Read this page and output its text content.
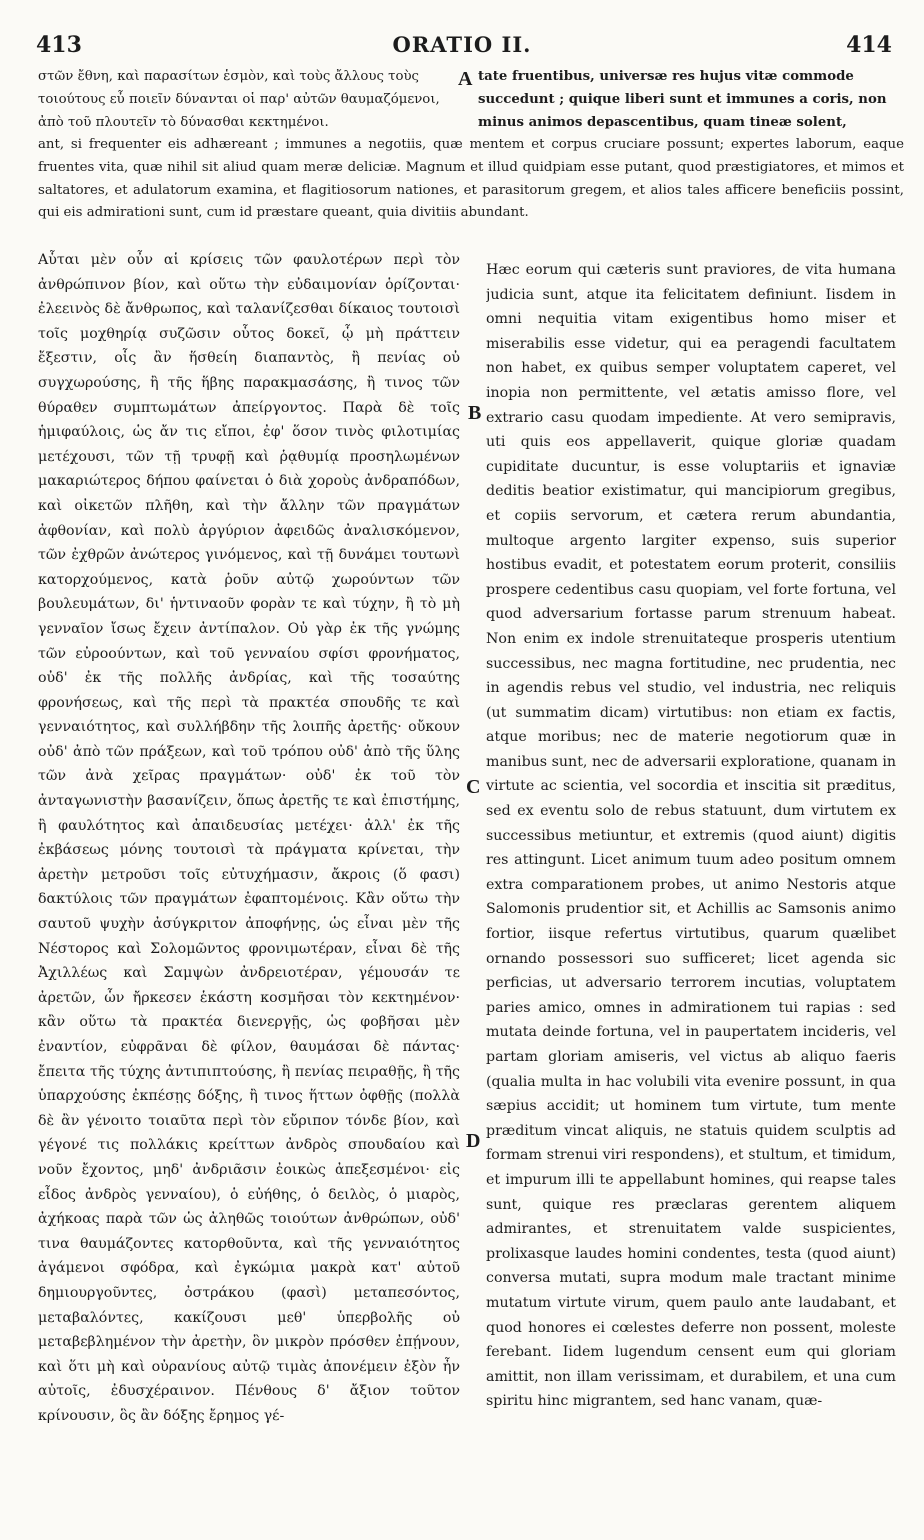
413	ORATIO II.	414

στῶν ἔθνη, καὶ παρασίτων ἑσμὸν, καὶ τοὺς ἄλλους τοὺς τοιούτους εὖ ποιεῖν δύνανται οἱ παρ' αὐτῶν θαυμαζόμενοι, ἀπὸ τοῦ πλουτεῖν τὸ δύνασθαι κεκτημένοι.

tate fruentibus, universæ res hujus vitæ commode succedunt ; quique liberi sunt et immunes a coris, non minus animos depascentibus, quam tineæ solent,

ant, si frequenter eis adhæreant ; immunes a negotiis, quæ mentem et corpus cruciare possunt; expertes laborum, eaque fruentes vita, quæ nihil sit aliud quam meræ deliciæ. Magnum et illud quidpiam esse putant, quod præstigiatores, et mimos et saltatores, et adulatorum examina, et flagitiosorum nationes, et parasitorum gregem, et alios tales afficere beneficiis possint, qui eis admirationi sunt, cum id præstare queant, quia divitiis abundant.

Αὗται μὲν οὖν αἱ κρίσεις τῶν φαυλοτέρων περὶ τὸν ἀνθρώπινον βίον, καὶ οὕτω τὴν εὐδαιμονίαν ὁρίζονται· ἐλεεινὸς δὲ ἄνθρωπος, καὶ ταλανίζεσθαι δίκαιος τουτοισὶ τοῖς μοχθηρίᾳ συζῶσιν οὗτος δοκεῖ, ᾧ μὴ πράττειν ἔξεστιν, οἷς ἂν ἥσθείη διαπαντὸς, ἢ πενίας οὐ συγχωρούσης, ἢ τῆς ἥβης παρακμασάσης, ἢ τινος τῶν θύραθεν συμπτωμάτων ἀπείργοντος. Παρὰ δὲ τοῖς ἡμιφαύλοις, ὡς ἄν τις εἴποι, ἐφ' ὅσον τινὸς φιλοτιμίας μετέχουσι, τῶν τῇ τρυφῇ καὶ ῥᾳθυμίᾳ προσηλωμένων μακαριώτερος δήπου φαίνεται ὁ διὰ χοροὺς ἀνδραπόδων, καὶ οἰκετῶν πλῆθη, καὶ τὴν ἄλλην τῶν πραγμάτων ἀφθονίαν, καὶ πολὺ ἀργύριον ἀφειδῶς ἀναλισκόμενον, τῶν ἐχθρῶν ἀνώτερος γινόμενος, καὶ τῇ δυνάμει τουτωνὶ κατορχούμενος, κατὰ ῥοῦν αὐτῷ χωρούντων τῶν βουλευμάτων, δι' ἡντιναοῦν φορὰν τε καὶ τύχην, ἢ τὸ μὴ γενναῖον ἴσως ἔχειν ἀντίπαλον. Οὐ γὰρ ἐκ τῆς γνώμης τῶν εὐροούντων, καὶ τοῦ γενναίου σφίσι φρονήματος, οὐδ' ἐκ τῆς πολλῆς ἀνδρίας, καὶ τῆς τοσαύτης φρονήσεως, καὶ τῆς περὶ τὰ πρακτέα σπουδῆς τε καὶ γενναιότητος, καὶ συλλήβδην τῆς λοιπῆς ἀρετῆς· οὔκουν οὐδ' ἀπὸ τῶν πράξεων, καὶ τοῦ τρόπου οὐδ' ἀπὸ τῆς ὕλης τῶν ἀνὰ χεῖρας πραγμάτων· οὐδ' ἐκ τοῦ τὸν ἀνταγωνιστὴν βασανίζειν, ὅπως ἀρετῆς τε καὶ ἐπιστήμης, ἢ φαυλότητος καὶ ἀπαιδευσίας μετέχει· ἀλλ' ἐκ τῆς ἐκβάσεως μόνης τουτοισὶ τὰ πράγματα κρίνεται, τὴν ἀρετὴν μετροῦσι τοῖς εὐτυχήμασιν, ἄκροις (ὅ φασι) δακτύλοις τῶν πραγμάτων ἐφαπτομένοις. Κἂν οὕτω τὴν σαυτοῦ ψυχὴν ἀσύγκριτον ἀποφήνῃς, ὡς εἶναι μὲν τῆς Νέστορος καὶ Σολομῶντος φρονιμωτέραν, εἶναι δὲ τῆς Ἀχιλλέως καὶ Σαμψὼν ἀνδρειοτέραν, γέμουσάν τε ἀρετῶν, ὧν ἤρκεσεν ἑκάστη κοσμῆσαι τὸν κεκτημένον· κἂν οὕτω τὰ πρακτέα διενεργῇς, ὡς φοβῆσαι μὲν ἐναντίον, εὐφρᾶναι δὲ φίλον, θαυμάσαι δὲ πάντας· ἔπειτα τῆς τύχης ἀντιπιπτούσης, ἢ πενίας πειραθῇς, ἢ τῆς ὑπαρχούσης ἐκπέσῃς δόξης, ἢ τινος ἥττων ὀφθῇς (πολλὰ δὲ ἂν γένοιτο τοιαῦτα περὶ τὸν εὔριπον τόνδε βίον, καὶ γέγονέ τις πολλάκις κρείττων ἀνδρὸς σπουδαίου καὶ νοῦν ἔχοντος, μηδ' ἀνδριᾶσιν ἐοικὼς ἀπεξεσμένοι· εἰς εἶδος ἀνδρὸς γενναίου), ὁ εὐήθης, ὁ δειλὸς, ὁ μιαρὸς, ἀχήκοας παρὰ τῶν ὡς ἀληθῶς τοιούτων ἀνθρώπων, οὐδ' τινα θαυμάζοντες κατορθοῦντα, καὶ τῆς γενναιότητος ἀγάμενοι σφόδρα, καὶ ἐγκώμια μακρὰ κατ' αὐτοῦ δημιουργοῦντες, ὀστράκου (φασὶ) μεταπεσόντος, μεταβαλόντες, κακίζουσι μεθ' ὑπερβολῆς οὐ μεταβεβλημένον τὴν ἀρετὴν, ὃν μικρὸν πρόσθεν ἐπῄνουν, καὶ ὅτι μὴ καὶ οὐρανίους αὐτῷ τιμὰς ἀπονέμειν ἐξὸν ἦν αὐτοῖς, ἐδυσχέραινον. Πένθους δ' ἄξιον τοῦτον κρίνουσιν, ὃς ἂν δόξης ἔρημος γέ-

Hæc eorum qui cæteris sunt praviores, de vita humana judicia sunt, atque ita felicitatem definiunt. Iisdem in omni nequitia vitam exigentibus homo miser et miserabilis esse videtur, qui ea peragendi facultatem non habet, ex quibus semper voluptatem caperet, vel inopia non permittente, vel ætatis amisso flore, vel extrario casu quodam impediente. At vero semipravis, uti quis eos appellaverit, quique gloriæ quadam cupiditate ducuntur, is esse voluptariis et ignaviæ deditis beatior existimatur, qui mancipiorum gregibus, et copiis servorum, et cætera rerum abundantia, multoque argento largiter expenso, suis superior hostibus evadit, et potestatem eorum proterit, consiliis prospere cedentibus casu quopiam, vel forte fortuna, vel quod adversarium fortasse parum strenuum habeat. Non enim ex indole strenuitateque prosperis utentium successibus, nec magna fortitudine, nec prudentia, nec in agendis rebus vel studio, vel industria, nec reliquis (ut summatim dicam) virtutibus: non etiam ex factis, atque moribus; nec de materie negotiorum quæ in manibus sunt, nec de adversarii exploratione, quanam in virtute ac scientia, vel socordia et inscitia sit præditus, sed ex eventu solo de rebus statuunt, dum virtutem ex successibus metiuntur, et extremis (quod aiunt) digitis res attingunt. Licet animum tuum adeo positum omnem extra comparationem probes, ut animo Nestoris atque Salomonis prudentior sit, et Achillis ac Samsonis animo fortior, iisque refertus virtutibus, quarum quælibet ornando possessori suo sufficeret; licet agenda sic perficias, ut adversario terrorem incutias, voluptatem paries amico, omnes in admirationem tui rapias : sed mutata deinde fortuna, vel in paupertatem incideris, vel partam gloriam amiseris, vel victus ab aliquo faeris (qualia multa in hac volubili vita evenire possunt, in qua sæpius accidit; ut hominem tum virtute, tum mente præditum vincat aliquis, ne statuis quidem sculptis ad formam strenui viri respondens), et stultum, et timidum, et impurum illi te appellabunt homines, qui reapse tales sunt, quique res præclaras gerentem aliquem admirantes, et strenuitatem valde suspicientes, prolixasque laudes homini condentes, testa (quod aiunt) conversa mutati, supra modum male tractant minime mutatum virtute virum, quem paulo ante laudabant, et quod honores ei cœlestes deferre non possent, moleste ferebant. Iidem lugendum censent eum qui gloriam amittit, non illam verissimam, et durabilem, et una cum spiritu hinc migrantem, sed hanc vanam, quæ-

A
B
C
D
